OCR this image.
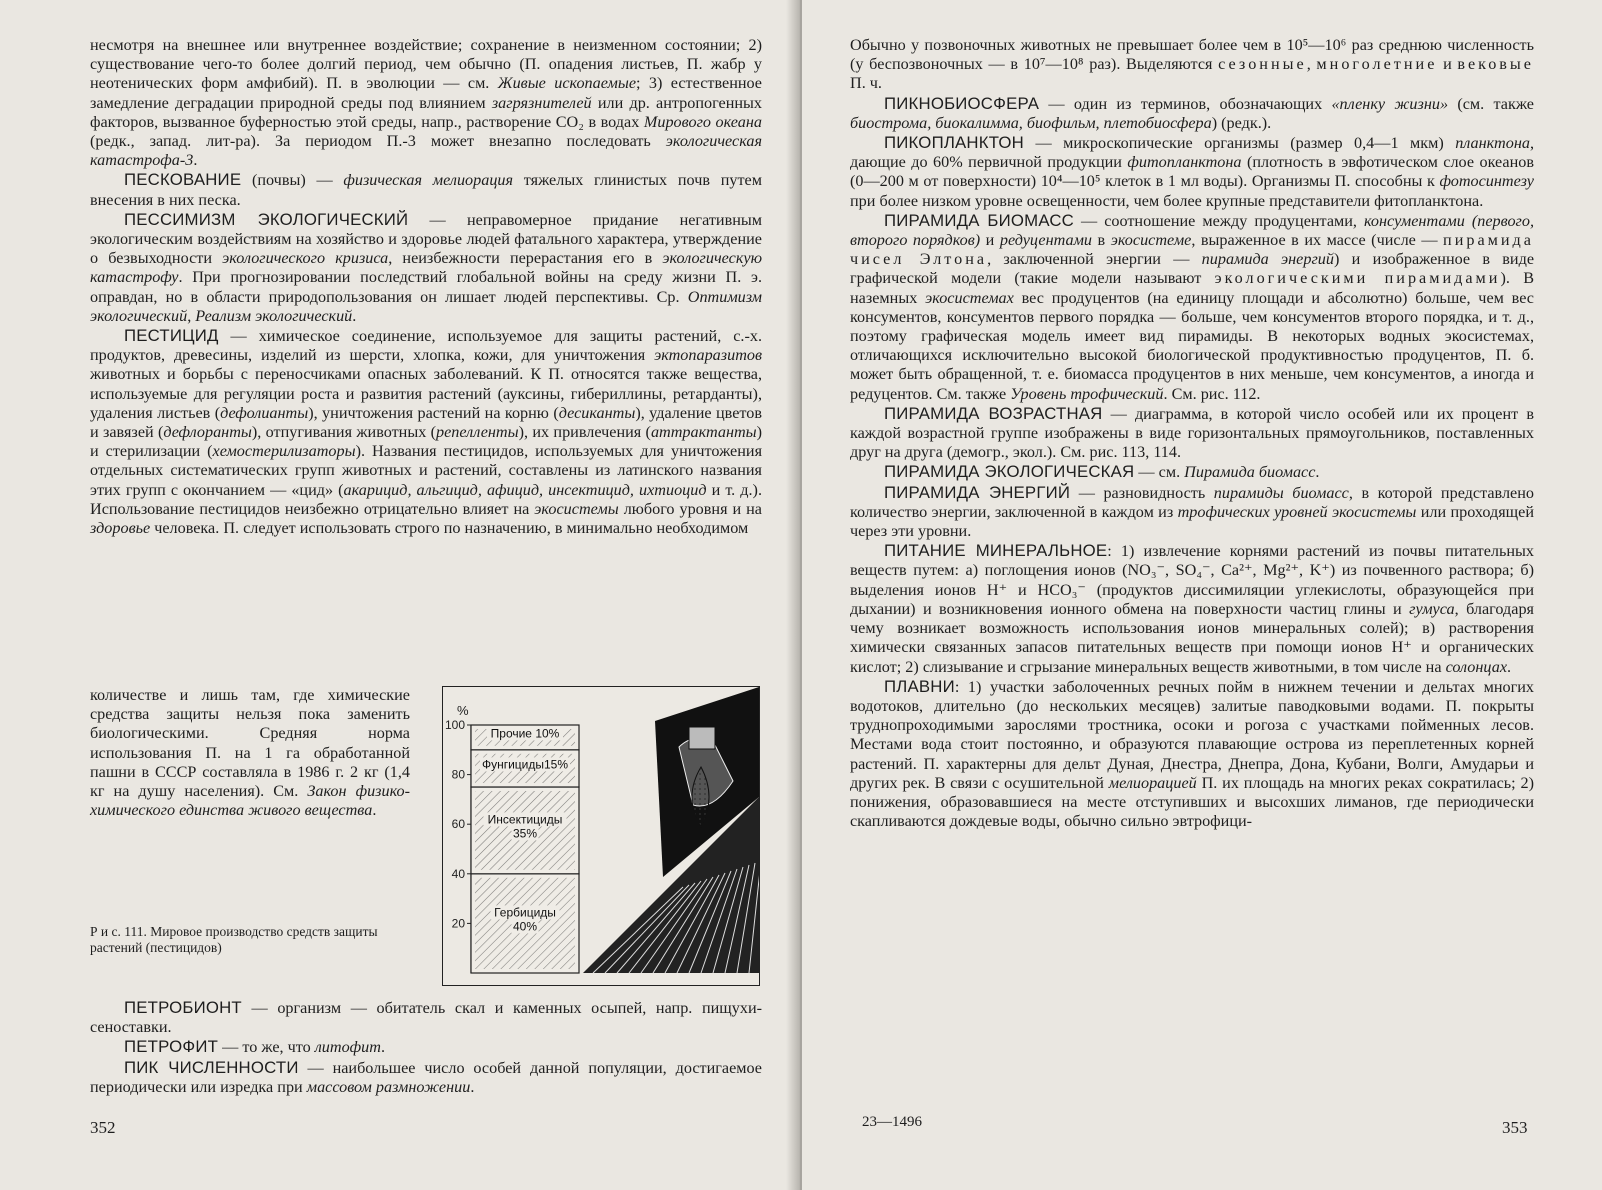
несмотря на внешнее или внутреннее воздействие; сохранение в неизменном состоянии; 2) существование чего-то более долгий период, чем обычно (П. опадения листьев, П. жабр у неотенических форм амфибий). П. в эволюции — см. Живые ископаемые; 3) естественное замедление деградации природной среды под влиянием загрязнителей или др. антропогенных факторов, вызванное буферностью этой среды, напр., растворение CO₂ в водах Мирового океана (редк., запад. лит-ра). За периодом П.-3 может внезапно последовать экологическая катастрофа-3.

ПЕСКОВАНИЕ (почвы) — физическая мелиорация тяжелых глинистых почв путем внесения в них песка.

ПЕССИМИЗМ ЭКОЛОГИЧЕСКИЙ — неправомерное придание негативным экологическим воздействиям на хозяйство и здоровье людей фатального характера, утверждение о безвыходности экологического кризиса, неизбежности перерастания его в экологическую катастрофу. При прогнозировании последствий глобальной войны на среду жизни П. э. оправдан, но в области природопользования он лишает людей перспективы. Ср. Оптимизм экологический, Реализм экологический.

ПЕСТИЦИД — химическое соединение, используемое для защиты растений, с.-х. продуктов, древесины, изделий из шерсти, хлопка, кожи, для уничтожения эктопаразитов животных и борьбы с переносчиками опасных заболеваний. К П. относятся также вещества, используемые для регуляции роста и развития растений (ауксины, гибериллины, ретарданты), удаления листьев (дефолианты), уничтожения растений на корню (десиканты), удаление цветов и завязей (дефлоранты), отпугивания животных (репелленты), их привлечения (аттрактанты) и стерилизации (хемостерилизаторы). Названия пестицидов, используемых для уничтожения отдельных систематических групп животных и растений, составлены из латинского названия этих групп с окончанием — «цид» (акарицид, альгицид, афицид, инсектицид, ихтиоцид и т. д.). Использование пестицидов неизбежно отрицательно влияет на экосистемы любого уровня и на здоровье человека. П. следует использовать строго по назначению, в минимально необходимом

количестве и лишь там, где химические средства защиты нельзя пока заменить биологическими. Средняя норма использования П. на 1 га обработанной пашни в СССР составляла в 1986 г. 2 кг (1,4 кг на душу населения). См. Закон физико-химического единства живого вещества.
Р и с. 111. Мировое производство средств защиты растений (пестицидов)
%
20
40
60
80
100
Гербициды
40%
Инсектициды
35%
Фунгициды15%
Прочие 10%

ПЕТРОБИОНТ — организм — обитатель скал и каменных осыпей, напр. пищухи-сеноставки.

ПЕТРОФИТ — то же, что литофит.

ПИК ЧИСЛЕННОСТИ — наибольшее число особей данной популяции, достигаемое периодически или изредка при массовом размножении.

352

Обычно у позвоночных животных не превышает более чем в 10⁵—10⁶ раз среднюю численность (у беспозвоночных — в 10⁷—10⁸ раз). Выделяются сезонные, многолетние и вековые П. ч.

ПИКНОБИОСФЕРА — один из терминов, обозначающих «пленку жизни» (см. также биострома, биокалимма, биофильм, плетобиосфера) (редк.).

ПИКОПЛАНКТОН — микроскопические организмы (размер 0,4—1 мкм) планктона, дающие до 60% первичной продукции фитопланктона (плотность в эвфотическом слое океанов (0—200 м от поверхности) 10⁴—10⁵ клеток в 1 мл воды). Организмы П. способны к фотосинтезу при более низком уровне освещенности, чем более крупные представители фитопланктона.

ПИРАМИДА БИОМАСС — соотношение между продуцентами, консументами (первого, второго порядков) и редуцентами в экосистеме, выраженное в их массе (числе — пирамида чисел Элтона, заключенной энергии — пирамида энергий) и изображенное в виде графической модели (такие модели называют экологическими пирамидами). В наземных экосистемах вес продуцентов (на единицу площади и абсолютно) больше, чем вес консументов, консументов первого порядка — больше, чем консументов второго порядка, и т. д., поэтому графическая модель имеет вид пирамиды. В некоторых водных экосистемах, отличающихся исключительно высокой биологической продуктивностью продуцентов, П. б. может быть обращенной, т. е. биомасса продуцентов в них меньше, чем консументов, а иногда и редуцентов. См. также Уровень трофический. См. рис. 112.

ПИРАМИДА ВОЗРАСТНАЯ — диаграмма, в которой число особей или их процент в каждой возрастной группе изображены в виде горизонтальных прямоугольников, поставленных друг на друга (демогр., экол.). См. рис. 113, 114.

ПИРАМИДА ЭКОЛОГИЧЕСКАЯ — см. Пирамида биомасс.

ПИРАМИДА ЭНЕРГИЙ — разновидность пирамиды биомасс, в которой представлено количество энергии, заключенной в каждом из трофических уровней экосистемы или проходящей через эти уровни.

ПИТАНИЕ МИНЕРАЛЬНОЕ: 1) извлечение корнями растений из почвы питательных веществ путем: а) поглощения ионов (NO₃⁻, SO₄⁻, Ca²⁺, Mg²⁺, K⁺) из почвенного раствора; б) выделения ионов H⁺ и HCO₃⁻ (продуктов диссимиляции углекислоты, образующейся при дыхании) и возникновения ионного обмена на поверхности частиц глины и гумуса, благодаря чему возникает возможность использования ионов минеральных солей); в) растворения химически связанных запасов питательных веществ при помощи ионов H⁺ и органических кислот; 2) слизывание и сгрызание минеральных веществ животными, в том числе на солонцах.

ПЛАВНИ: 1) участки заболоченных речных пойм в нижнем течении и дельтах многих водотоков, длительно (до нескольких месяцев) залитые паводковыми водами. П. покрыты труднопроходимыми зарослями тростника, осоки и рогоза с участками пойменных лесов. Местами вода стоит постоянно, и образуются плавающие острова из переплетенных корней растений. П. характерны для дельт Дуная, Днестра, Днепра, Дона, Кубани, Волги, Амударьи и других рек. В связи с осушительной мелиорацией П. их площадь на многих реках сократилась; 2) понижения, образовавшиеся на месте отступивших и высохших лиманов, где периодически скапливаются дождевые воды, обычно сильно эвтрофици-

23—1496	353
